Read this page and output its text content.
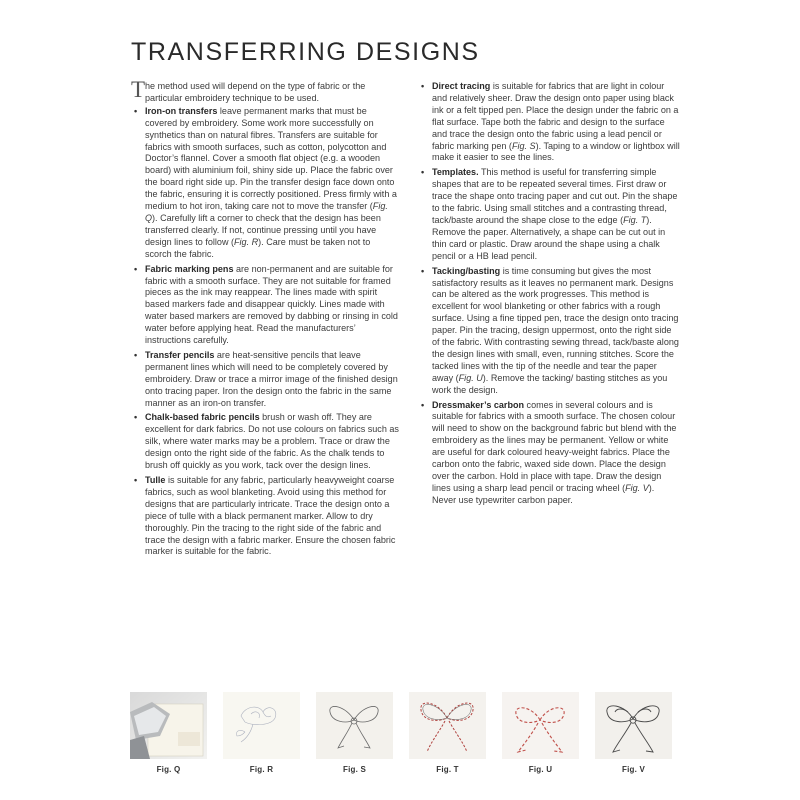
TRANSFERRING DESIGNS

T he method used will depend on the type of fabric or the particular embroidery technique to be used.

• Iron-on transfers leave permanent marks that must be covered by embroidery. Some work more successfully on synthetics than on natural fibres. Transfers are suitable for fabrics with smooth surfaces, such as cotton, polycotton and Doctor’s flannel. Cover a smooth flat object (e.g. a wooden board) with aluminium foil, shiny side up. Place the fabric over the board right side up. Pin the transfer design face down onto the fabric, ensuring it is correctly positioned. Press firmly with a medium to hot iron, taking care not to move the transfer (Fig. Q). Carefully lift a corner to check that the design has been transferred clearly. If not, continue pressing until you have design lines to follow (Fig. R). Care must be taken not to scorch the fabric.
• Fabric marking pens are non-permanent and are suitable for fabric with a smooth surface. They are not suitable for framed pieces as the ink may reappear. The lines made with spirit based markers fade and disappear quickly. Lines made with water based markers are removed by dabbing or rinsing in cold water before applying heat. Read the manufacturers’ instructions carefully.
• Transfer pencils are heat-sensitive pencils that leave permanent lines which will need to be completely covered by embroidery. Draw or trace a mirror image of the finished design onto tracing paper. Iron the design onto the fabric in the same manner as an iron-on transfer.
• Chalk-based fabric pencils brush or wash off. They are excellent for dark fabrics. Do not use colours on fabrics such as silk, where water marks may be a problem. Trace or draw the design onto the right side of the fabric. As the chalk tends to brush off quickly as you work, tack over the design lines.
• Tulle is suitable for any fabric, particularly heavyweight coarse fabrics, such as wool blanketing. Avoid using this method for designs that are particularly intricate. Trace the design onto a piece of tulle with a black permanent marker. Allow to dry thoroughly. Pin the tracing to the right side of the fabric and trace the design with a fabric marker. Ensure the chosen fabric marker is suitable for the fabric.
• Direct tracing is suitable for fabrics that are light in colour and relatively sheer. Draw the design onto paper using black ink or a felt tipped pen. Place the design under the fabric on a flat surface. Tape both the fabric and design to the surface and trace the design onto the fabric using a lead pencil or fabric marking pen (Fig. S). Taping to a window or lightbox will make it easier to see the lines.
• Templates. This method is useful for transferring simple shapes that are to be repeated several times. First draw or trace the shape onto tracing paper and cut out. Pin the shape to the fabric. Using small stitches and a contrasting thread, tack/baste around the shape close to the edge (Fig. T). Remove the paper. Alternatively, a shape can be cut out in thin card or plastic. Draw around the shape using a chalk pencil or a HB lead pencil.
• Tacking/basting is time consuming but gives the most satisfactory results as it leaves no permanent mark. Designs can be altered as the work progresses. This method is excellent for wool blanketing or other fabrics with a rough surface. Using a fine tipped pen, trace the design onto tracing paper. Pin the tracing, design uppermost, onto the right side of the fabric. With contrasting sewing thread, tack/baste along the design lines with small, even, running stitches. Score the tacked lines with the tip of the needle and tear the paper away (Fig. U). Remove the tacking/ basting stitches as you work the design.
• Dressmaker’s carbon comes in several colours and is suitable for fabrics with a smooth surface. The chosen colour will need to show on the background fabric but blend with the embroidery as the lines may be permanent. Yellow or white are useful for dark coloured heavy-weight fabrics. Place the carbon onto the fabric, waxed side down. Place the design over the carbon. Hold in place with tape. Draw the design lines using a sharp lead pencil or tracing wheel (Fig. V). Never use typewriter carbon paper.
Fig. Q	Fig. R	Fig. S	Fig. T	Fig. U	Fig. V
